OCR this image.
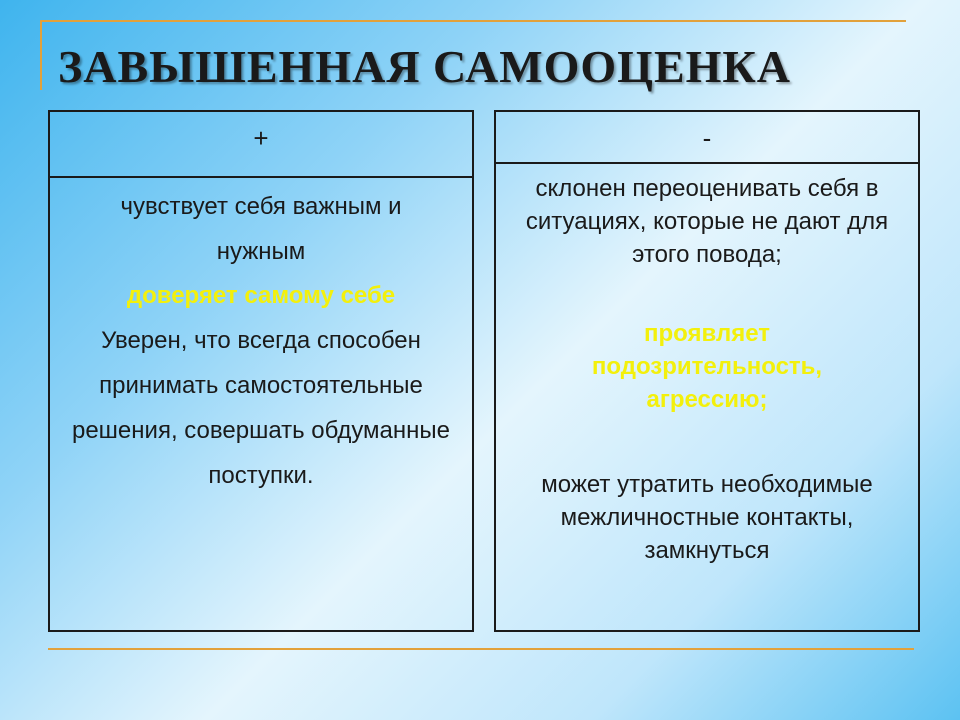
ЗАВЫШЕННАЯ САМООЦЕНКА
+

чувствует себя важным и нужным

доверяет самому себе

Уверен, что всегда способен принимать самостоятельные решения, совершать обдуманные поступки.

-

склонен переоценивать себя в ситуациях, которые не дают для этого повода;

проявляет подозрительность, агрессию;

может утратить необходимые межличностные контакты, замкнуться
